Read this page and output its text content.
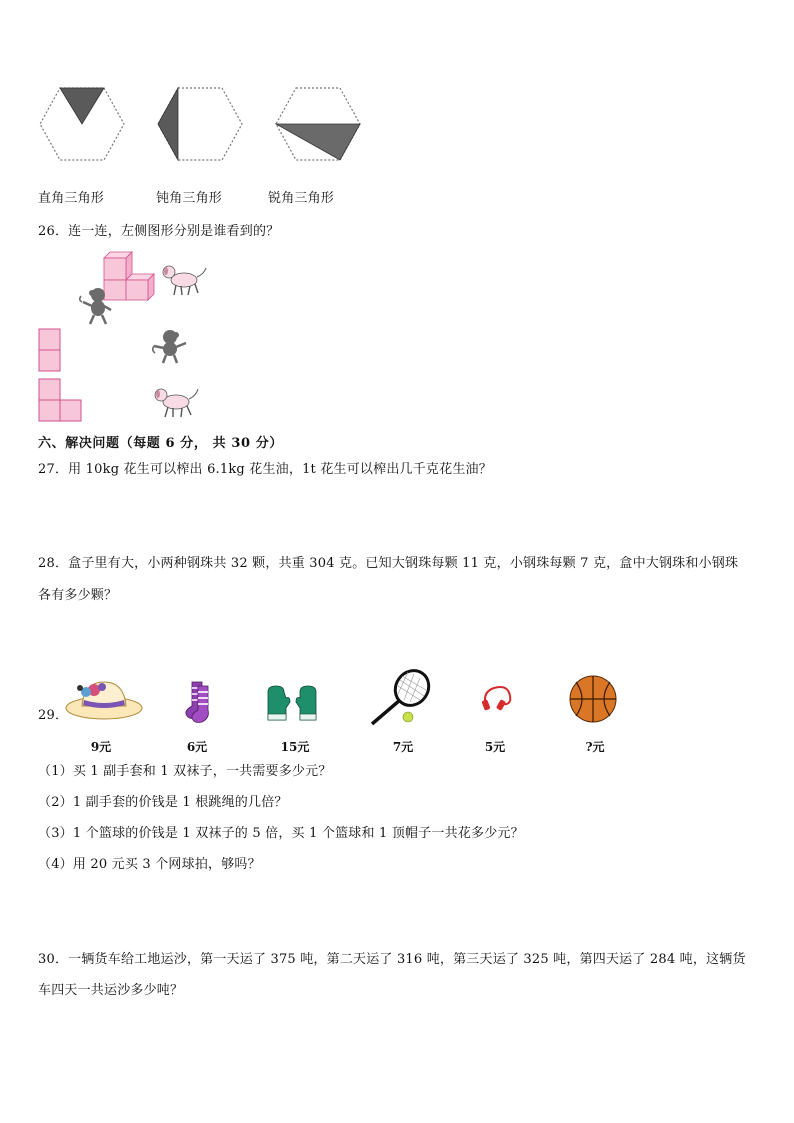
直角三角形	钝角三角形	锐角三角形
26．连一连，左侧图形分别是谁看到的？
六、解决问题（每题 6 分， 共 30 分）
27．用 10kg 花生可以榨出 6.1kg 花生油，1t 花生可以榨出几千克花生油？
28．盒子里有大，小两种钢珠共 32 颗，共重 304 克。已知大钢珠每颗 11 克，小钢珠每颗 7 克，盒中大钢珠和小钢珠
各有多少颗？
29．
9元	6元	15元	7元	5元	?元
（1）买 1 副手套和 1 双袜子，一共需要多少元？
（2）1 副手套的价钱是 1 根跳绳的几倍？
（3）1 个篮球的价钱是 1 双袜子的 5 倍，买 1 个篮球和 1 顶帽子一共花多少元？
（4）用 20 元买 3 个网球拍，够吗？
30．一辆货车给工地运沙，第一天运了 375 吨，第二天运了 316 吨，第三天运了 325 吨，第四天运了 284 吨，这辆货
车四天一共运沙多少吨？
